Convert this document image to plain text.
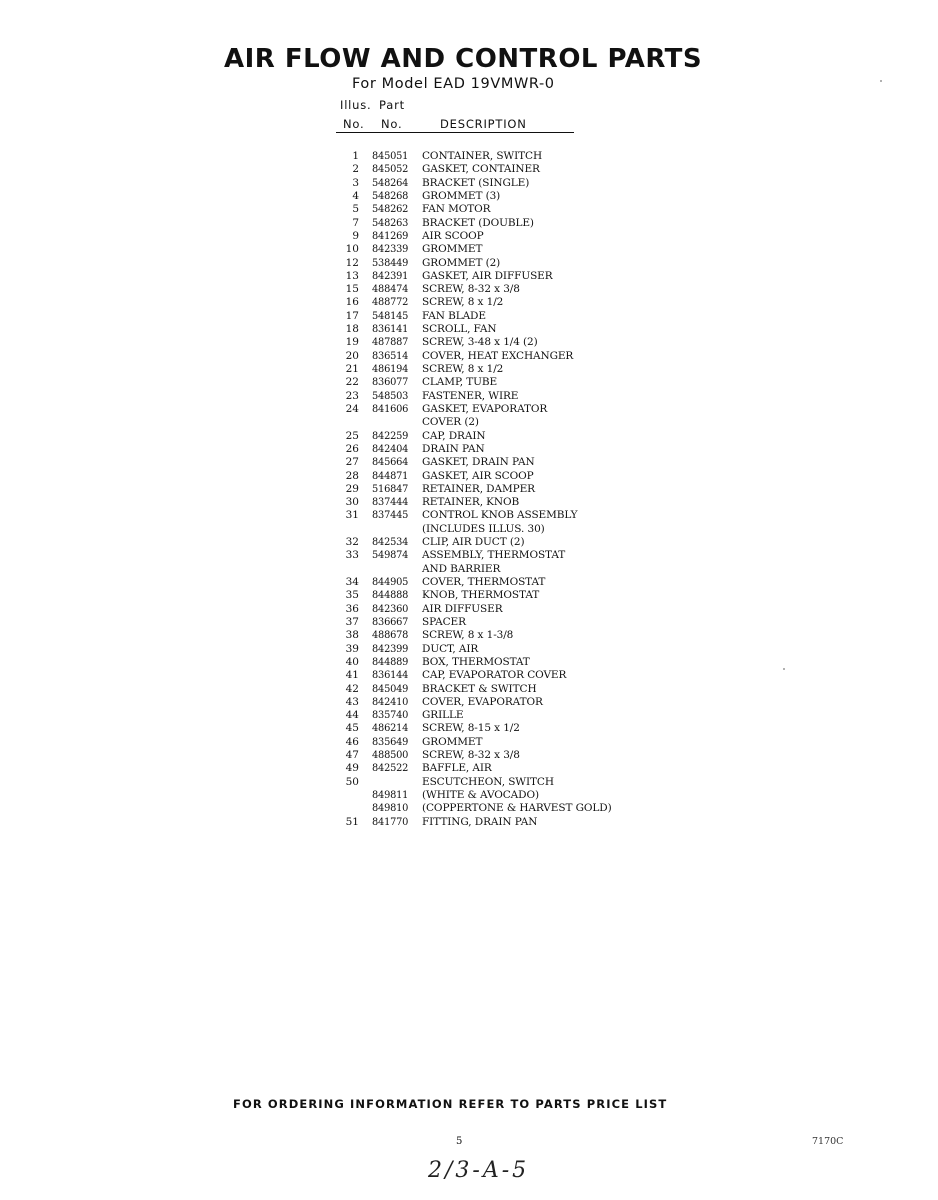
AIR FLOW AND CONTROL PARTS
For Model EAD 19VMWR-0
Illus. Part
No. No.	DESCRIPTION
1 845051 CONTAINER, SWITCH
2 845052 GASKET, CONTAINER
3 548264 BRACKET (SINGLE)
4 548268 GROMMET (3)
5 548262 FAN MOTOR
7 548263 BRACKET (DOUBLE)
9 841269 AIR SCOOP
10 842339 GROMMET
12 538449 GROMMET (2)
13 842391 GASKET, AIR DIFFUSER
15 488474 SCREW, 8-32 x 3/8
16 488772 SCREW, 8 x 1/2
17 548145 FAN BLADE
18 836141 SCROLL, FAN
19 487887 SCREW, 3-48 x 1/4 (2)
20 836514 COVER, HEAT EXCHANGER
21 486194 SCREW, 8 x 1/2
22 836077 CLAMP, TUBE
23 548503 FASTENER, WIRE
24 841606 GASKET, EVAPORATOR
COVER (2)
25 842259 CAP, DRAIN
26 842404 DRAIN PAN
27 845664 GASKET, DRAIN PAN
28 844871 GASKET, AIR SCOOP
29 516847 RETAINER, DAMPER
30 837444 RETAINER, KNOB
31 837445 CONTROL KNOB ASSEMBLY
(INCLUDES ILLUS. 30)
32 842534 CLIP, AIR DUCT (2)
33 549874 ASSEMBLY, THERMOSTAT
AND BARRIER
34 844905 COVER, THERMOSTAT
35 844888 KNOB, THERMOSTAT
36 842360 AIR DIFFUSER
37 836667 SPACER
38 488678 SCREW, 8 x 1-3/8
39 842399 DUCT, AIR
40 844889 BOX, THERMOSTAT
41 836144 CAP, EVAPORATOR COVER
42 845049 BRACKET & SWITCH
43 842410 COVER, EVAPORATOR
44 835740 GRILLE
45 486214 SCREW, 8-15 x 1/2
46 835649 GROMMET
47 488500 SCREW, 8-32 x 3/8
49 842522 BAFFLE, AIR
50	ESCUTCHEON, SWITCH
849811 (WHITE & AVOCADO)
849810 (COPPERTONE & HARVEST GOLD)
51 841770 FITTING, DRAIN PAN
FOR ORDERING INFORMATION REFER TO PARTS PRICE LIST
5	7170C
2/3-A-5
